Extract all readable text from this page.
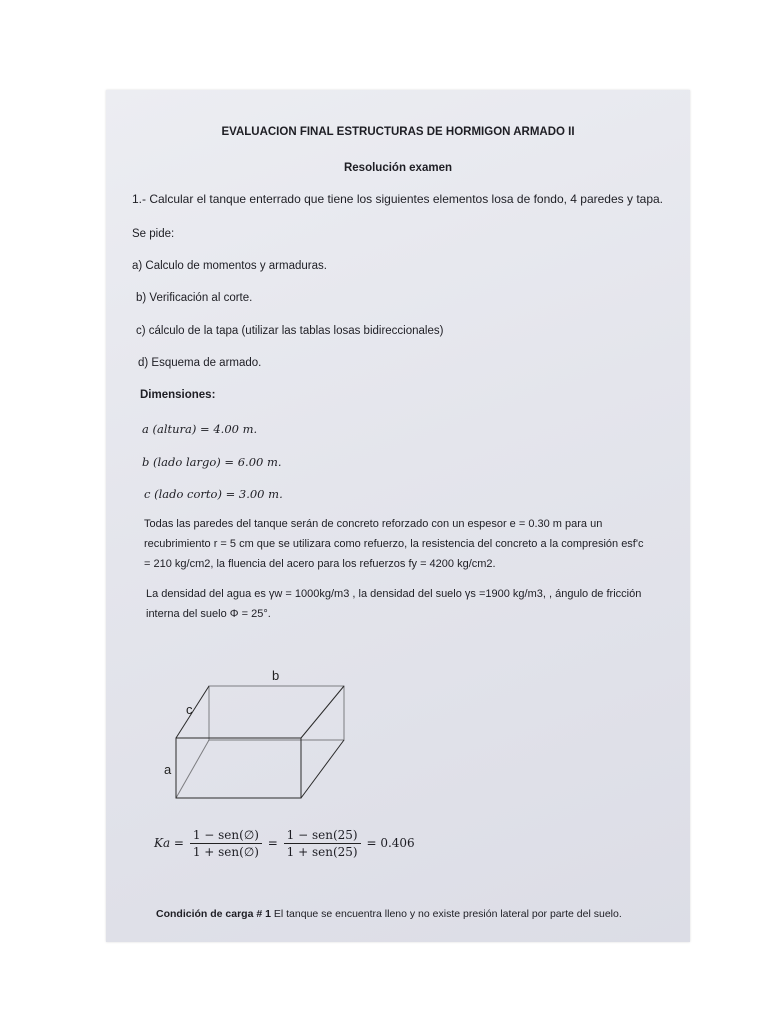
EVALUACION FINAL ESTRUCTURAS DE HORMIGON ARMADO II
Resolución examen
1.- Calcular el tanque enterrado que tiene los siguientes elementos losa de fondo, 4 paredes y tapa.
Se pide:
a) Calculo de momentos y armaduras.
b) Verificación al corte.
c) cálculo de la tapa (utilizar las tablas losas bidireccionales)
d) Esquema de armado.
Dimensiones:
a (altura) = 4.00 m.
b (lado largo) = 6.00 m.
c (lado corto) = 3.00 m.
Todas las paredes del tanque serán de concreto reforzado con un espesor e = 0.30 m para un
recubrimiento r = 5 cm que se utilizara como refuerzo, la resistencia del concreto a la compresión esf'c
= 210 kg/cm2, la fluencia del acero para los refuerzos fy = 4200 kg/cm2.
La densidad del agua es γw = 1000kg/m3 , la densidad del suelo γs =1900 kg/m3, , ángulo de fricción
interna del suelo Φ = 25°.
b
c
a
$Ka = \frac{\text{1 − sen(∅)}}{\text{1 + sen(∅)}} = \frac{\text{1 − sen(25)}}{\text{1 + sen(25)}} = 0.406$
Condición de carga # 1 El tanque se encuentra lleno y no existe presión lateral por parte del suelo.
